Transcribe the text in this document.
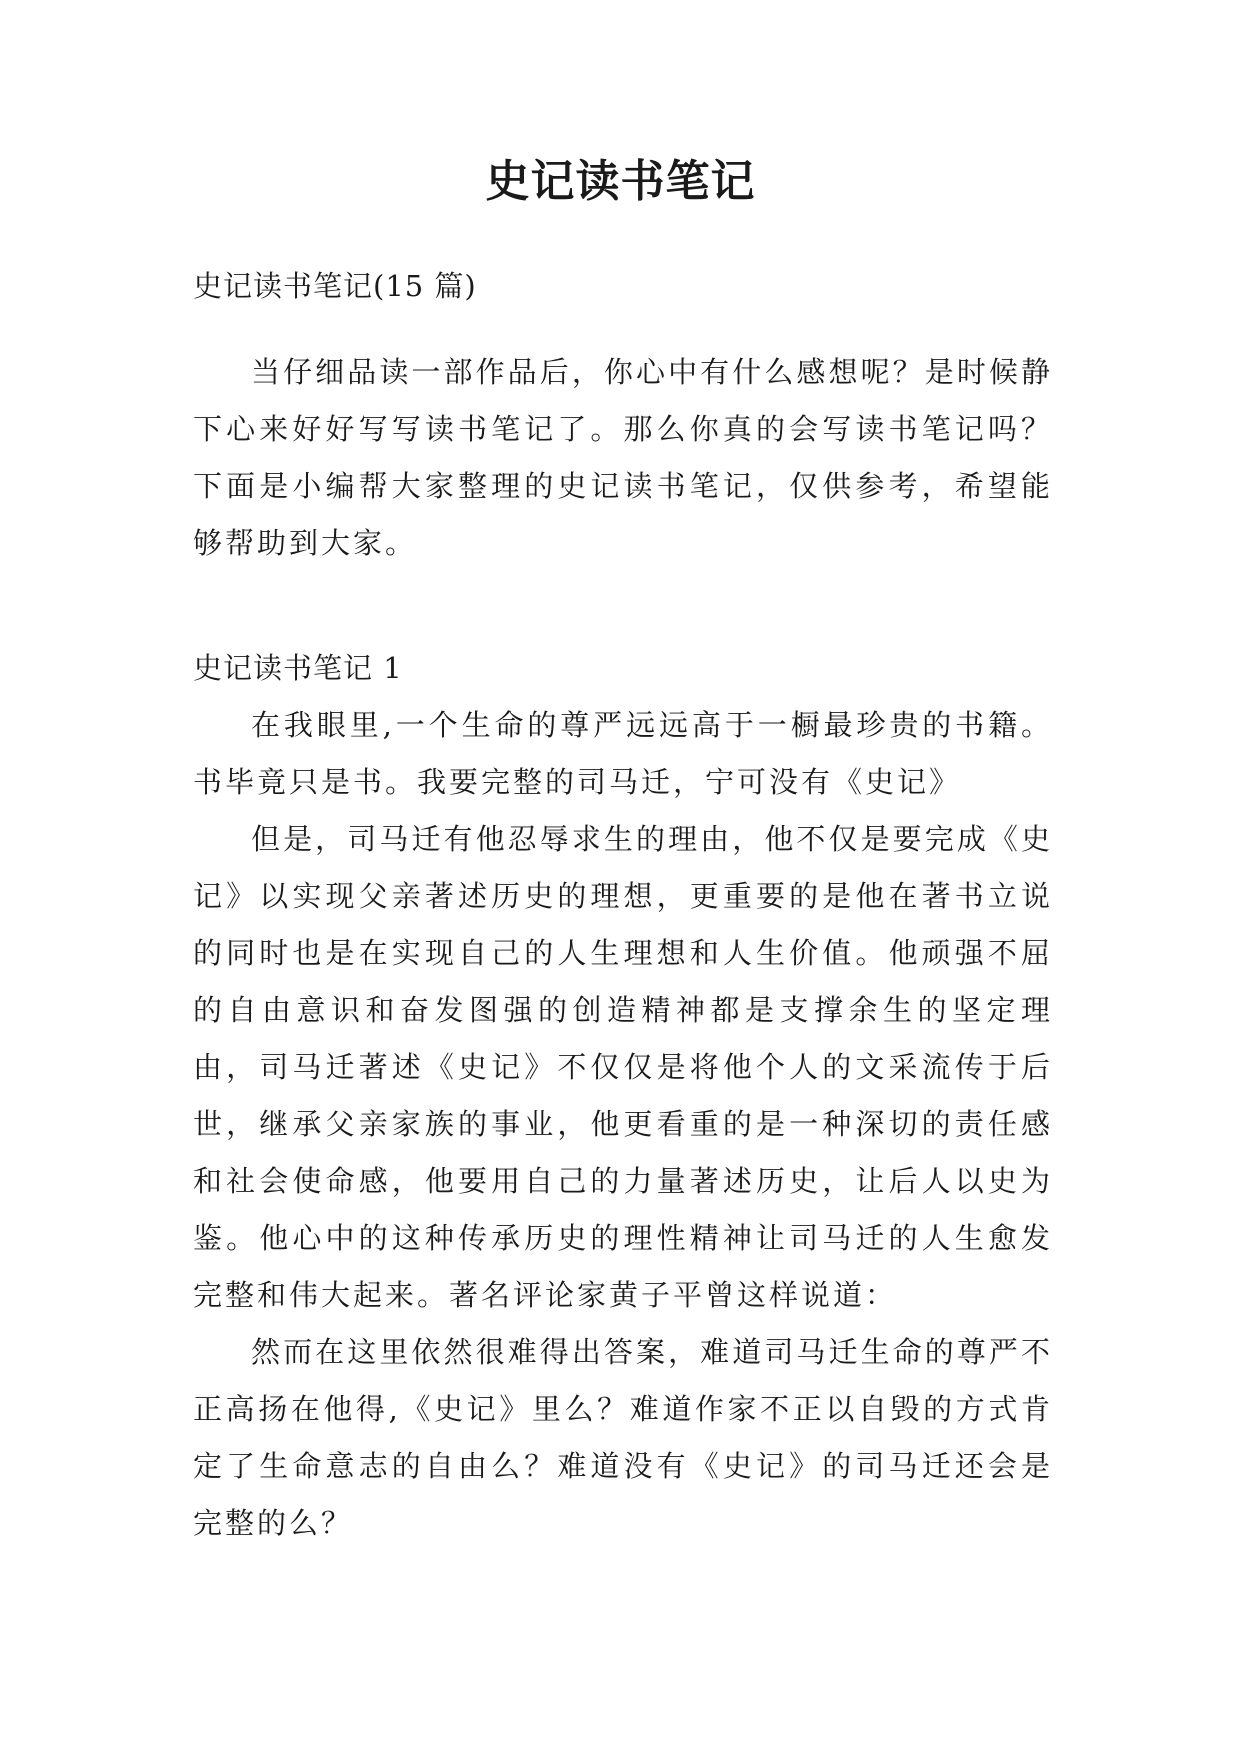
史记读书笔记

史记读书笔记(15 篇)

当仔细品读一部作品后，你心中有什么感想呢？是时候静下心来好好写写读书笔记了。那么你真的会写读书笔记吗？下面是小编帮大家整理的史记读书笔记，仅供参考，希望能够帮助到大家。

史记读书笔记 1

在我眼里,一个生命的尊严远远高于一橱最珍贵的书籍。书毕竟只是书。我要完整的司马迁，宁可没有《史记》

但是，司马迁有他忍辱求生的理由，他不仅是要完成《史记》以实现父亲著述历史的理想，更重要的是他在著书立说的同时也是在实现自己的人生理想和人生价值。他顽强不屈的自由意识和奋发图强的创造精神都是支撑余生的坚定理由，司马迁著述《史记》不仅仅是将他个人的文采流传于后世，继承父亲家族的事业，他更看重的是一种深切的责任感和社会使命感，他要用自己的力量著述历史，让后人以史为鉴。他心中的这种传承历史的理性精神让司马迁的人生愈发完整和伟大起来。著名评论家黄子平曾这样说道：

然而在这里依然很难得出答案，难道司马迁生命的尊严不正高扬在他得,《史记》里么？难道作家不正以自毁的方式肯定了生命意志的自由么？难道没有《史记》的司马迁还会是完整的么？
